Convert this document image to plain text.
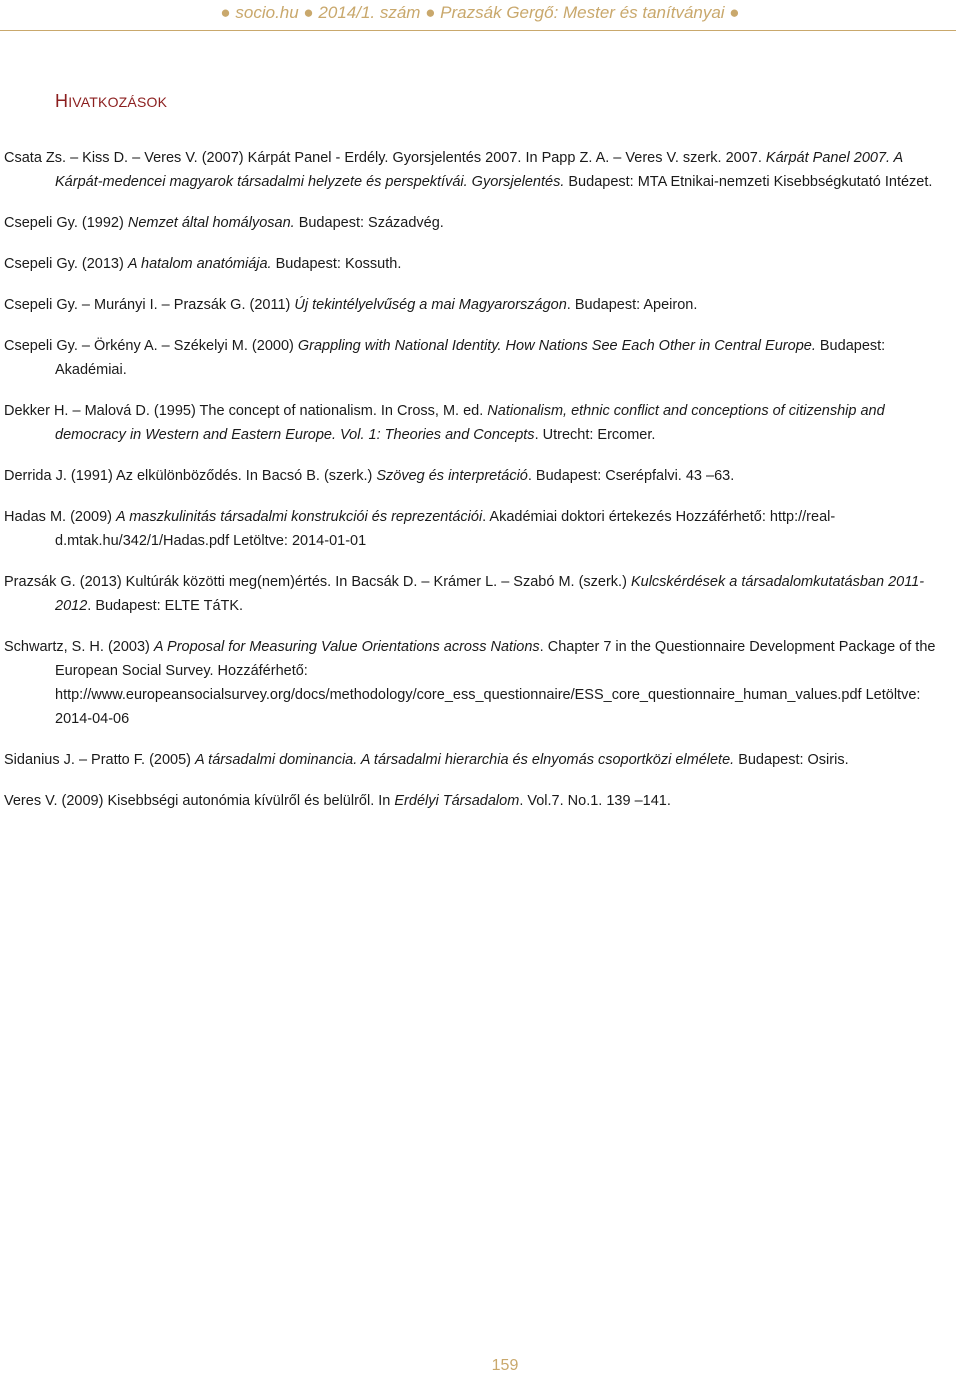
● socio.hu ● 2014/1. szám ● Prazsák Gergő: Mester és tanítványai ●
HIVATKOZÁSOK

Csata Zs. – Kiss D. – Veres V. (2007) Kárpát Panel - Erdély. Gyorsjelentés 2007. In Papp Z. A. – Veres V. szerk. 2007. Kárpát Panel 2007. A Kárpát-medencei magyarok társadalmi helyzete és perspektívái. Gyorsjelentés. Budapest: MTA Etnikai-nemzeti Kisebbségkutató Intézet.

Csepeli Gy. (1992) Nemzet által homályosan. Budapest: Századvég.

Csepeli Gy. (2013) A hatalom anatómiája. Budapest: Kossuth.

Csepeli Gy. – Murányi I. – Prazsák G. (2011) Új tekintélyelvűség a mai Magyarországon. Budapest: Apeiron.

Csepeli Gy. – Örkény A. – Székelyi M. (2000) Grappling with National Identity. How Nations See Each Other in Central Europe. Budapest: Akadémiai.

Dekker H. – Malová D. (1995) The concept of nationalism. In Cross, M. ed. Nationalism, ethnic conflict and conceptions of citizenship and democracy in Western and Eastern Europe. Vol. 1: Theories and Concepts. Utrecht: Ercomer.

Derrida J. (1991) Az elkülönböződés. In Bacsó B. (szerk.) Szöveg és interpretáció. Budapest: Cserépfalvi. 43 –63.

Hadas M. (2009) A maszkulinitás társadalmi konstrukciói és reprezentációi. Akadémiai doktori értekezés Hozzáférhető: http://real-d.mtak.hu/342/1/Hadas.pdf Letöltve: 2014-01-01

Prazsák G. (2013) Kultúrák közötti meg(nem)értés. In Bacsák D. – Krámer L. – Szabó M. (szerk.) Kulcskérdések a társadalomkutatásban 2011-2012. Budapest: ELTE TáTK.

Schwartz, S. H. (2003) A Proposal for Measuring Value Orientations across Nations. Chapter 7 in the Questionnaire Development Package of the European Social Survey. Hozzáférhető: http://www.europeansocialsurvey.org/docs/methodology/core_ess_questionnaire/ESS_core_questionnaire_human_values.pdf Letöltve: 2014-04-06

Sidanius J. – Pratto F. (2005) A társadalmi dominancia. A társadalmi hierarchia és elnyomás csoportközi elmélete. Budapest: Osiris.

Veres V. (2009) Kisebbségi autonómia kívülről és belülről. In Erdélyi Társadalom. Vol.7. No.1. 139 –141.

159
